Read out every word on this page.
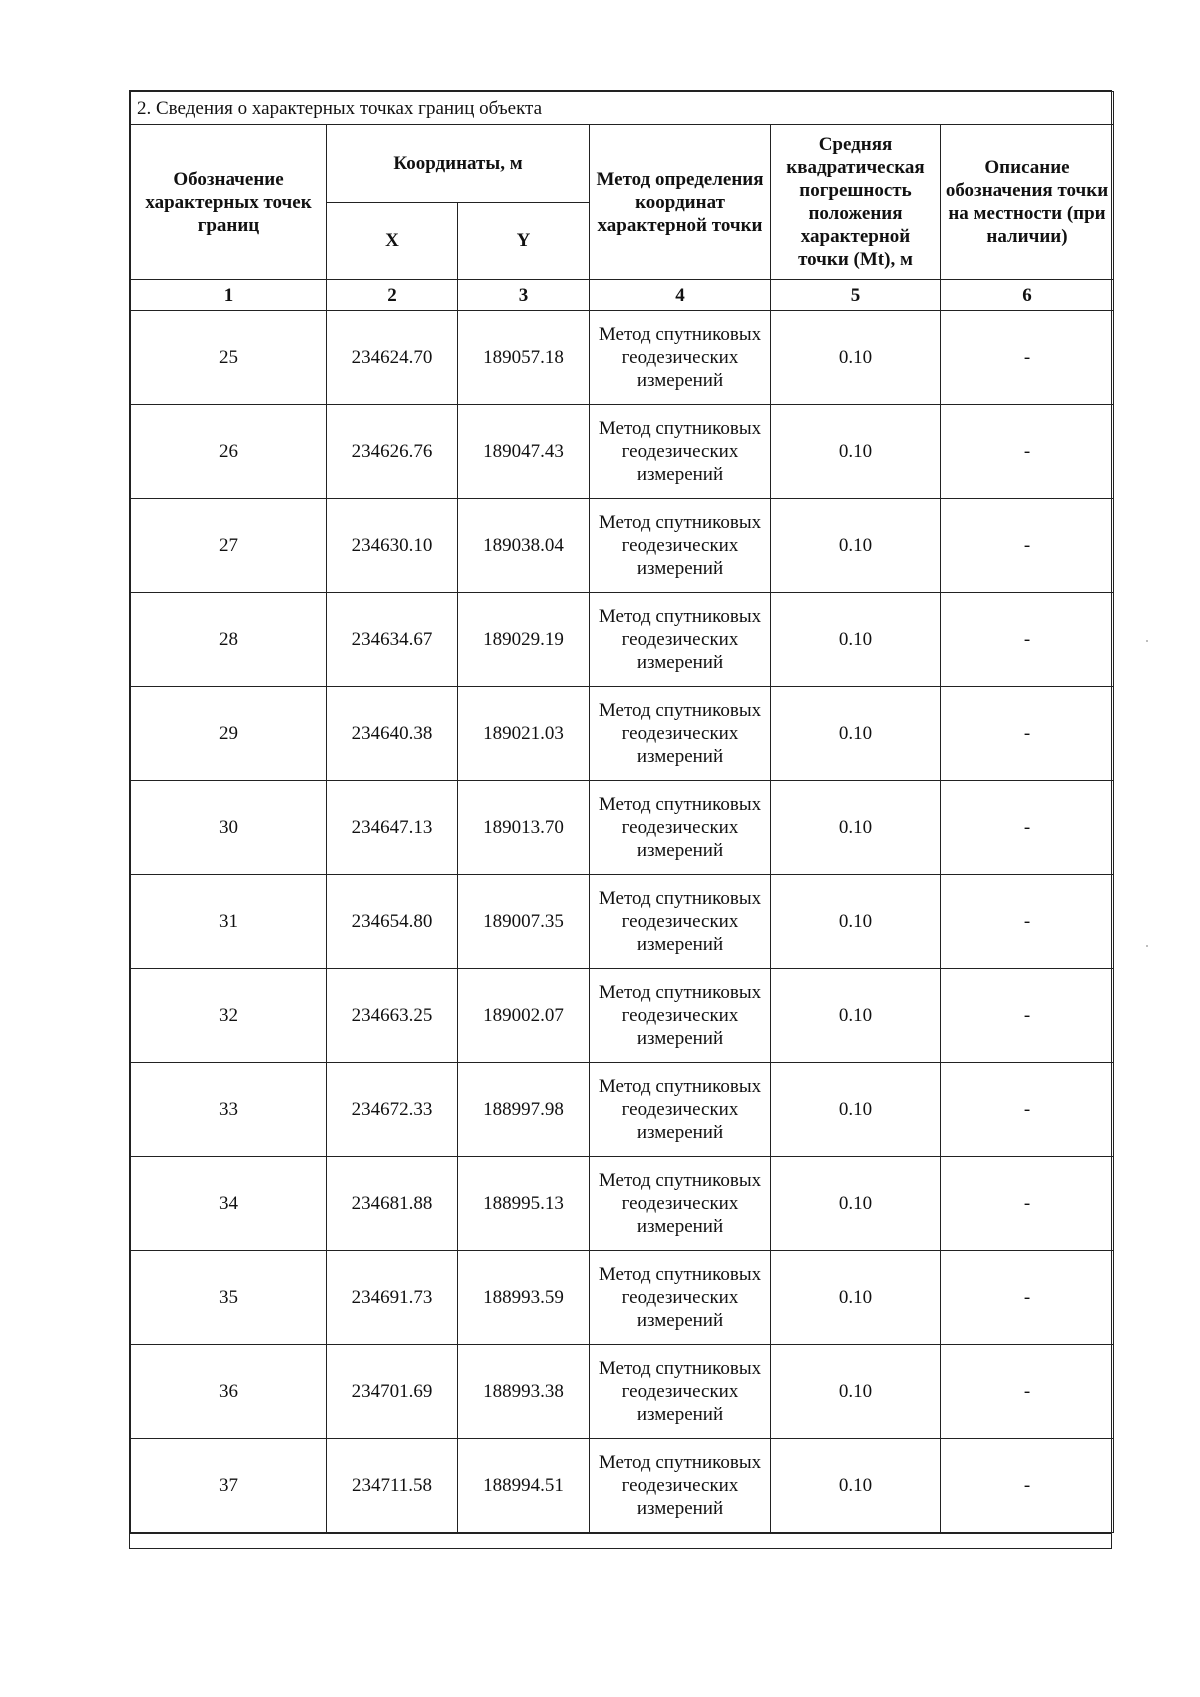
2. Сведения о характерных точках границ объекта					
Обозначение характерных точек границ	Координаты, м		Метод определения координат характерной точки	Средняя квадратическая погрешность положения характерной точки (Mt), м	Описание обозначения точки на местности (при наличии)
	X	Y			
1	2	3	4	5	6
25	234624.70	189057.18	Метод спутниковых геодезических измерений	0.10	-
26	234626.76	189047.43	Метод спутниковых геодезических измерений	0.10	-
27	234630.10	189038.04	Метод спутниковых геодезических измерений	0.10	-
28	234634.67	189029.19	Метод спутниковых геодезических измерений	0.10	-
29	234640.38	189021.03	Метод спутниковых геодезических измерений	0.10	-
30	234647.13	189013.70	Метод спутниковых геодезических измерений	0.10	-
31	234654.80	189007.35	Метод спутниковых геодезических измерений	0.10	-
32	234663.25	189002.07	Метод спутниковых геодезических измерений	0.10	-
33	234672.33	188997.98	Метод спутниковых геодезических измерений	0.10	-
34	234681.88	188995.13	Метод спутниковых геодезических измерений	0.10	-
35	234691.73	188993.59	Метод спутниковых геодезических измерений	0.10	-
36	234701.69	188993.38	Метод спутниковых геодезических измерений	0.10	-
37	234711.58	188994.51	Метод спутниковых геодезических измерений	0.10	-
